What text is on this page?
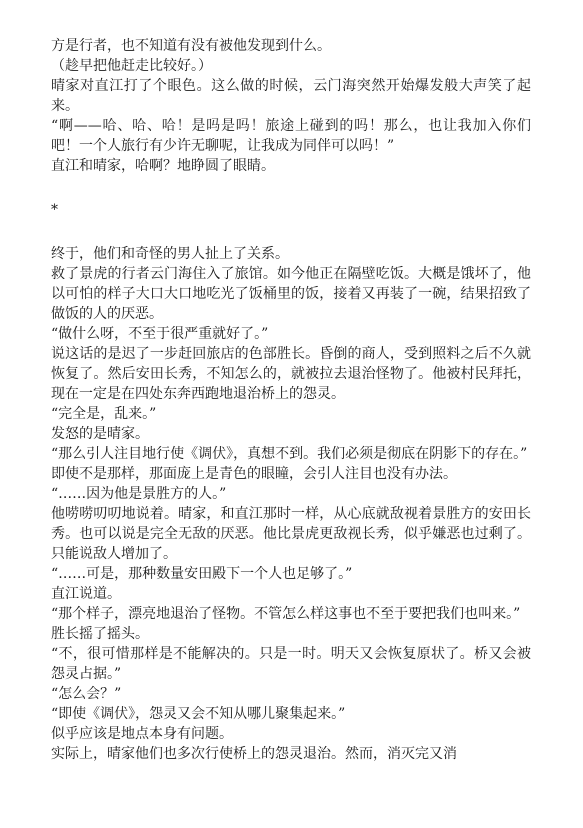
方是行者，也不知道有没有被他发现到什么。

（趁早把他赶走比较好。）

晴家对直江打了个眼色。这么做的时候，云门海突然开始爆发般大声笑了起来。

“啊——哈、哈、哈！是吗是吗！旅途上碰到的吗！那么，也让我加入你们吧！一个人旅行有少许无聊呢，让我成为同伴可以吗！”

直江和晴家，哈啊？地睁圆了眼睛。

*

终于，他们和奇怪的男人扯上了关系。

救了景虎的行者云门海住入了旅馆。如今他正在隔壁吃饭。大概是饿坏了，他以可怕的样子大口大口地吃光了饭桶里的饭，接着又再装了一碗，结果招致了做饭的人的厌恶。

“做什么呀，不至于很严重就好了。”

说这话的是迟了一步赶回旅店的色部胜长。昏倒的商人，受到照料之后不久就恢复了。然后安田长秀，不知怎么的，就被拉去退治怪物了。他被村民拜托，现在一定是在四处东奔西跑地退治桥上的怨灵。

“完全是，乱来。”

发怒的是晴家。

“那么引人注目地行使《调伏》，真想不到。我们必须是彻底在阴影下的存在。”

即使不是那样，那面庞上是青色的眼瞳，会引人注目也没有办法。

“……因为他是景胜方的人。”

他唠唠叨叨地说着。晴家，和直江那时一样，从心底就敌视着景胜方的安田长秀。也可以说是完全无敌的厌恶。他比景虎更敌视长秀，似乎嫌恶也过剩了。只能说敌人增加了。

“……可是，那种数量安田殿下一个人也足够了。”

直江说道。

“那个样子，漂亮地退治了怪物。不管怎么样这事也不至于要把我们也叫来。”

胜长摇了摇头。

“不，很可惜那样是不能解决的。只是一时。明天又会恢复原状了。桥又会被怨灵占据。”

“怎么会？”

“即使《调伏》，怨灵又会不知从哪儿聚集起来。”

似乎应该是地点本身有问题。

实际上，晴家他们也多次行使桥上的怨灵退治。然而，消灭完又消
